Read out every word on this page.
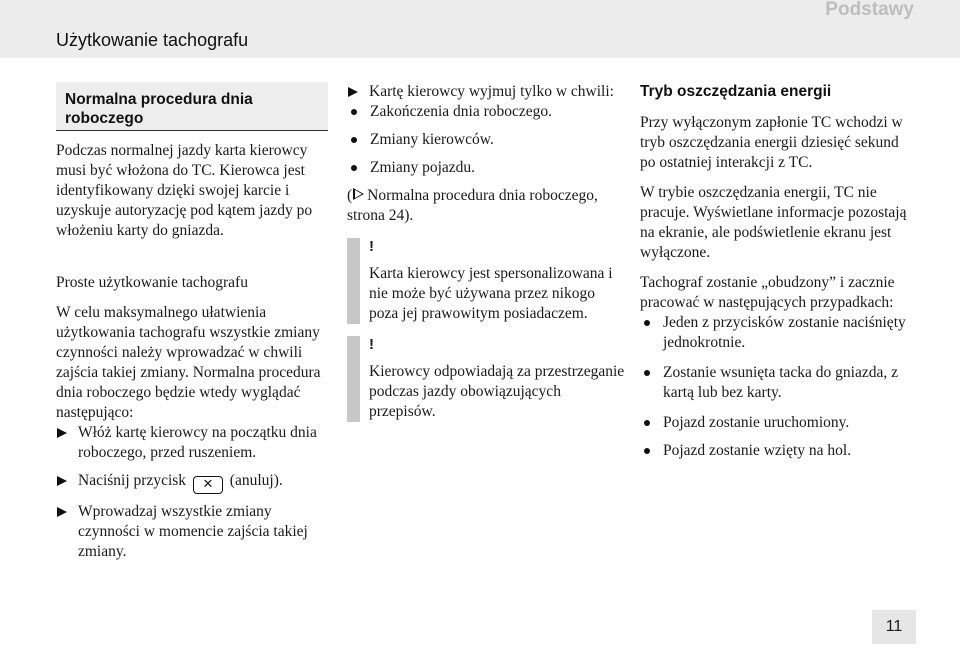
Podstawy
Użytkowanie tachografu
Normalna procedura dnia roboczego

Podczas normalnej jazdy karta kierowcy musi być włożona do TC. Kierowca jest identyfikowany dzięki swojej karcie i uzyskuje autoryzację pod kątem jazdy po włożeniu karty do gniazda.

Proste użytkowanie tachografu

W celu maksymalnego ułatwienia użytkowania tachografu wszystkie zmiany czynności należy wprowadzać w chwili zajścia takiej zmiany. Normalna procedura dnia roboczego będzie wtedy wyglądać następująco:

Włóż kartę kierowcy na początku dnia roboczego, przed ruszeniem.
Naciśnij przycisk ✕ (anuluj).
Wprowadzaj wszystkie zmiany czynności w momencie zajścia takiej zmiany.
Kartę kierowcy wyjmuj tylko w chwili:
Zakończenia dnia roboczego.
Zmiany kierowców.
Zmiany pojazdu.

( Normalna procedura dnia roboczego, strona 24).

!

Karta kierowcy jest spersonalizowana i nie może być używana przez nikogo poza jej prawowitym posiadaczem.

!

Kierowcy odpowiadają za przestrzeganie podczas jazdy obowiązujących przepisów.

Tryb oszczędzania energii

Przy wyłączonym zapłonie TC wchodzi w tryb oszczędzania energii dziesięć sekund po ostatniej interakcji z TC.

W trybie oszczędzania energii, TC nie pracuje. Wyświetlane informacje pozostają na ekranie, ale podświetlenie ekranu jest wyłączone.

Tachograf zostanie „obudzony” i zacznie pracować w następujących przypadkach:

Jeden z przycisków zostanie naciśnięty jednokrotnie.
Zostanie wsunięta tacka do gniazda, z kartą lub bez karty.
Pojazd zostanie uruchomiony.
Pojazd zostanie wzięty na hol.
11
